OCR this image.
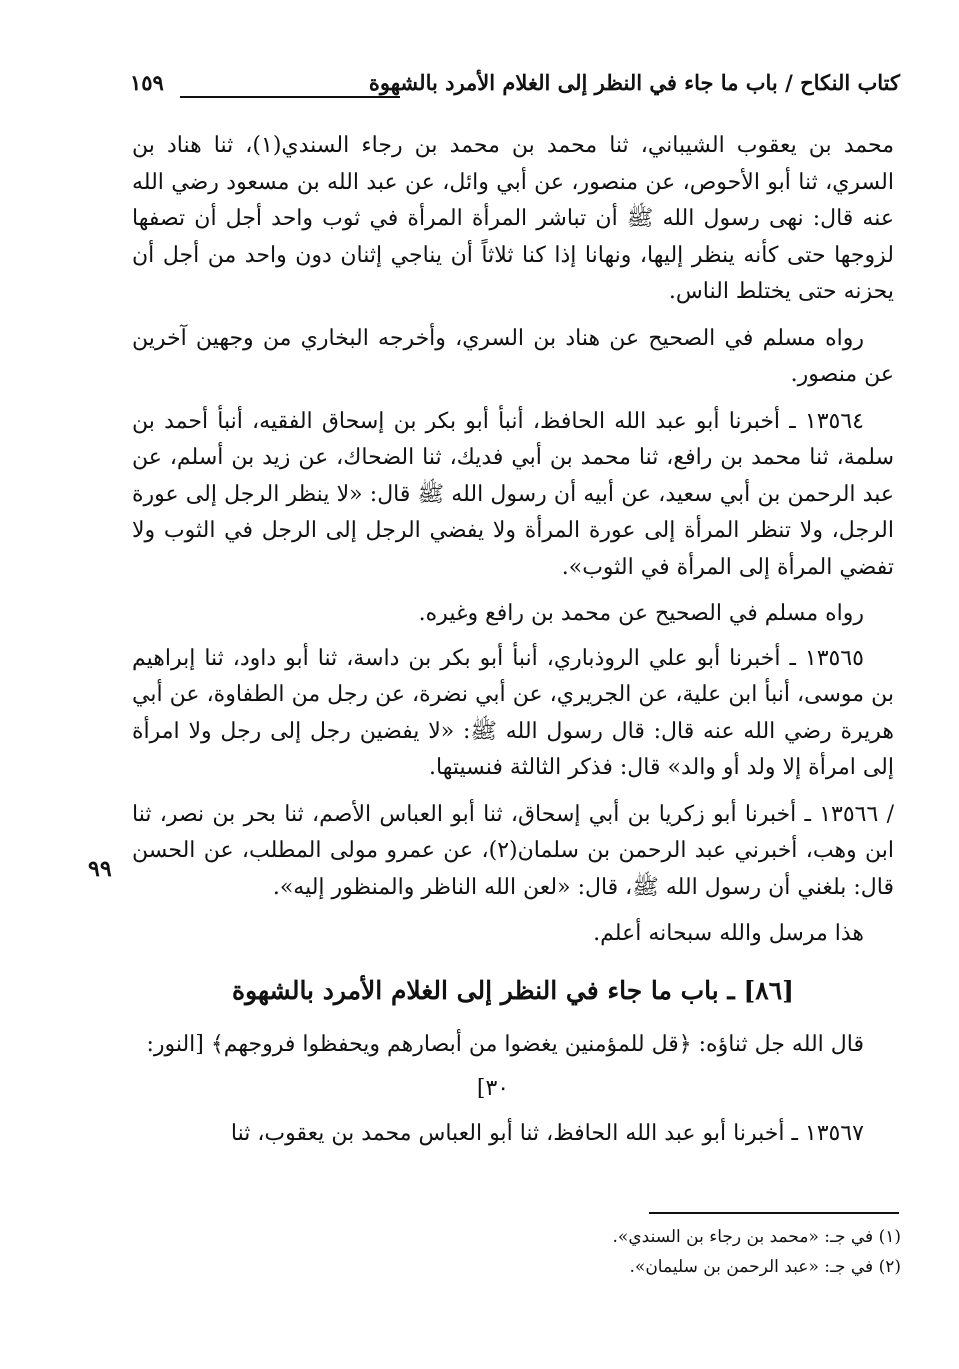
كتاب النكاح / باب ما جاء في النظر إلى الغلام الأمرد بالشهوة
١٥٩
٩٩

محمد بن يعقوب الشيباني، ثنا محمد بن محمد بن رجاء السندي(١)، ثنا هناد بن السري، ثنا أبو الأحوص، عن منصور، عن أبي وائل، عن عبد الله بن مسعود رضي الله عنه قال: نهى رسول الله ﷺ أن تباشر المرأة المرأة في ثوب واحد أجل أن تصفها لزوجها حتى كأنه ينظر إليها، ونهانا إذا كنا ثلاثاً أن يناجي إثنان دون واحد من أجل أن يحزنه حتى يختلط الناس.

رواه مسلم في الصحيح عن هناد بن السري، وأخرجه البخاري من وجهين آخرين عن منصور.

١٣٥٦٤ ـ أخبرنا أبو عبد الله الحافظ، أنبأ أبو بكر بن إسحاق الفقيه، أنبأ أحمد بن سلمة، ثنا محمد بن رافع، ثنا محمد بن أبي فديك، ثنا الضحاك، عن زيد بن أسلم، عن عبد الرحمن بن أبي سعيد، عن أبيه أن رسول الله ﷺ قال: «لا ينظر الرجل إلى عورة الرجل، ولا تنظر المرأة إلى عورة المرأة ولا يفضي الرجل إلى الرجل في الثوب ولا تفضي المرأة إلى المرأة في الثوب».

رواه مسلم في الصحيح عن محمد بن رافع وغيره.

١٣٥٦٥ ـ أخبرنا أبو علي الروذباري، أنبأ أبو بكر بن داسة، ثنا أبو داود، ثنا إبراهيم بن موسى، أنبأ ابن علية، عن الجريري، عن أبي نضرة، عن رجل من الطفاوة، عن أبي هريرة رضي الله عنه قال: قال رسول الله ﷺ: «لا يفضين رجل إلى رجل ولا امرأة إلى امرأة إلا ولد أو والد» قال: فذكر الثالثة فنسيتها.

/ ١٣٥٦٦ ـ أخبرنا أبو زكريا بن أبي إسحاق، ثنا أبو العباس الأصم، ثنا بحر بن نصر، ثنا ابن وهب، أخبرني عبد الرحمن بن سلمان(٢)، عن عمرو مولى المطلب، عن الحسن قال: بلغني أن رسول الله ﷺ، قال: «لعن الله الناظر والمنظور إليه».

هذا مرسل والله سبحانه أعلم.

[٨٦] ـ باب ما جاء في النظر إلى الغلام الأمرد بالشهوة

قال الله جل ثناؤه: ﴿قل للمؤمنين يغضوا من أبصارهم ويحفظوا فروجهم﴾ [النور:

٣٠]

١٣٥٦٧ ـ أخبرنا أبو عبد الله الحافظ، ثنا أبو العباس محمد بن يعقوب، ثنا

(١) في جـ: «محمد بن رجاء بن السندي».

(٢) في جـ: «عبد الرحمن بن سليمان».
